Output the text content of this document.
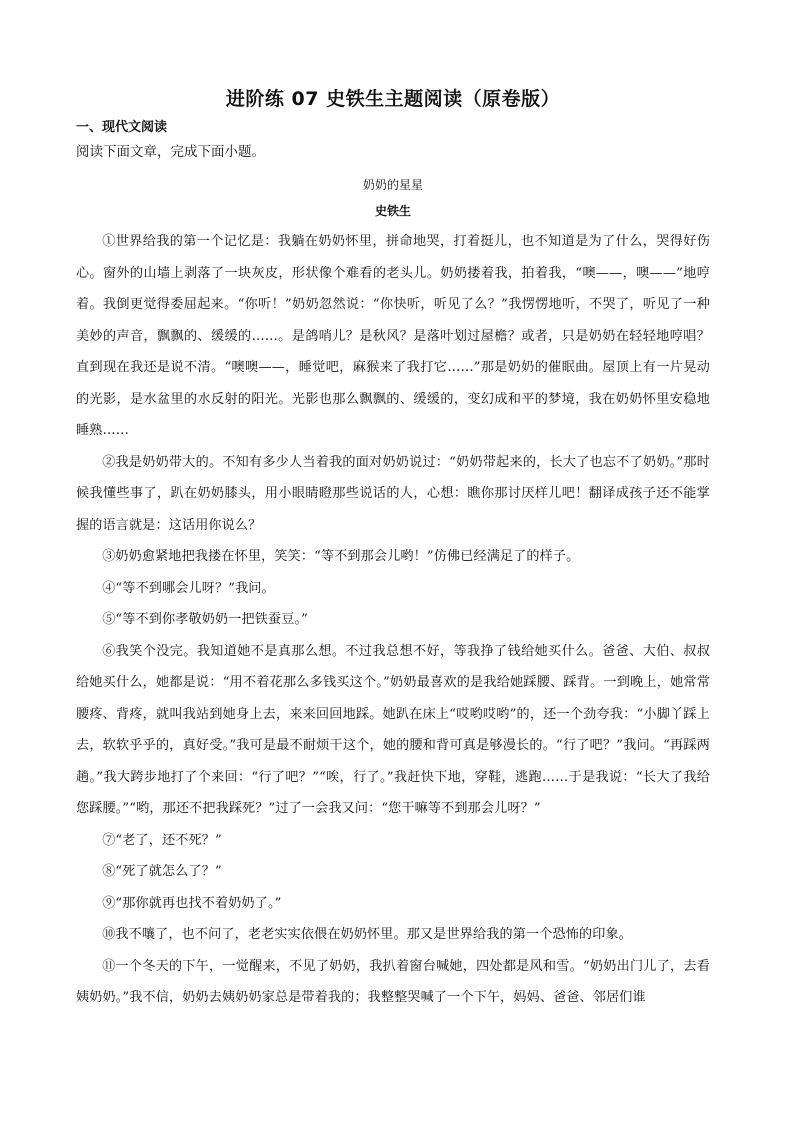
进阶练 07 史铁生主题阅读（原卷版）

一、现代文阅读

阅读下面文章，完成下面小题。

奶奶的星星

史铁生

①世界给我的第一个记忆是：我躺在奶奶怀里，拼命地哭，打着挺儿，也不知道是为了什么，哭得好伤心。窗外的山墙上剥落了一块灰皮，形状像个难看的老头儿。奶奶搂着我，拍着我，“噢——，噢——”地哼着。我倒更觉得委屈起来。“你听！”奶奶忽然说：“你快听，听见了么？”我愣愣地听，不哭了，听见了一种美妙的声音，飘飘的、缓缓的……。是鸽哨儿？是秋风？是落叶划过屋檐？或者，只是奶奶在轻轻地哼唱？直到现在我还是说不清。“噢噢——，睡觉吧，麻猴来了我打它……”那是奶奶的催眠曲。屋顶上有一片晃动的光影，是水盆里的水反射的阳光。光影也那么飘飘的、缓缓的，变幻成和平的梦境，我在奶奶怀里安稳地睡熟……

②我是奶奶带大的。不知有多少人当着我的面对奶奶说过：“奶奶带起来的，长大了也忘不了奶奶。”那时候我懂些事了，趴在奶奶膝头，用小眼睛瞪那些说话的人，心想：瞧你那讨厌样儿吧！翻译成孩子还不能掌握的语言就是：这话用你说么？

③奶奶愈紧地把我搂在怀里，笑笑：“等不到那会儿哟！”仿佛已经满足了的样子。

④“等不到哪会儿呀？”我问。

⑤“等不到你孝敬奶奶一把铁蚕豆。”

⑥我笑个没完。我知道她不是真那么想。不过我总想不好，等我挣了钱给她买什么。爸爸、大伯、叔叔给她买什么，她都是说：“用不着花那么多钱买这个。”奶奶最喜欢的是我给她踩腰、踩背。一到晚上，她常常腰疼、背疼，就叫我站到她身上去，来来回回地踩。她趴在床上“哎哟哎哟”的，还一个劲夸我：“小脚丫踩上去，软软乎乎的，真好受。”我可是最不耐烦干这个，她的腰和背可真是够漫长的。“行了吧？”我问。“再踩两趟。”我大跨步地打了个来回：“行了吧？”“唉，行了。”我赶快下地，穿鞋，逃跑……于是我说：“长大了我给您踩腰。”“哟，那还不把我踩死？”过了一会我又问：“您干嘛等不到那会儿呀？”

⑦“老了，还不死？”

⑧“死了就怎么了？”

⑨“那你就再也找不着奶奶了。”

⑩我不嚷了，也不问了，老老实实依偎在奶奶怀里。那又是世界给我的第一个恐怖的印象。

⑪一个冬天的下午，一觉醒来，不见了奶奶，我扒着窗台喊她，四处都是风和雪。“奶奶出门儿了，去看姨奶奶。”我不信，奶奶去姨奶奶家总是带着我的；我整整哭喊了一个下午，妈妈、爸爸、邻居们谁
